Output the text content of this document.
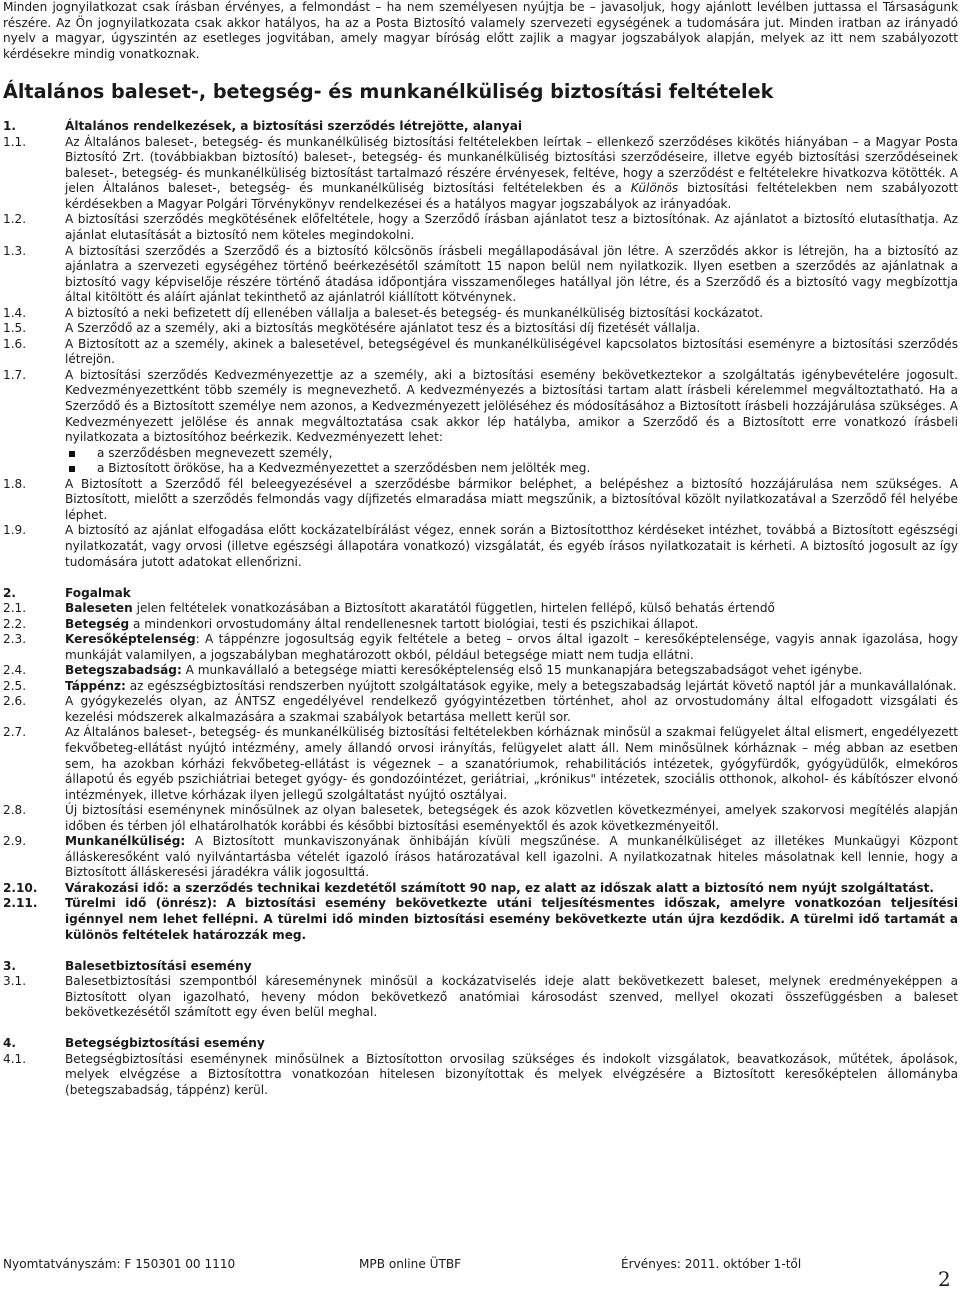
Minden jognyilatkozat csak írásban érvényes, a felmondást – ha nem személyesen nyújtja be – javasoljuk, hogy ajánlott levélben juttassa el Társaságunk részére. Az Ön jognyilatkozata csak akkor hatályos, ha az a Posta Biztosító valamely szervezeti egységének a tudomására jut. Minden iratban az irányadó nyelv a magyar, úgyszintén az esetleges jogvitában, amely magyar bíróság előtt zajlik a magyar jogszabályok alapján, melyek az itt nem szabályozott kérdésekre mindig vonatkoznak.

Általános baleset-, betegség- és munkanélküliség biztosítási feltételek
1.	Általános rendelkezések, a biztosítási szerződés létrejötte, alanyai
1.1.	Az Általános baleset-, betegség- és munkanélküliség biztosítási feltételekben leírtak – ellenkező szerződéses kikötés hiányában – a Magyar Posta Biztosító Zrt. (továbbiakban biztosító) baleset-, betegség- és munkanélküliség biztosítási szerződéseire, illetve egyéb biztosítási szerződéseinek baleset-, betegség- és munkanélküliség biztosítást tartalmazó részére érvényesek, feltéve, hogy a szerződést e feltételekre hivatkozva kötötték. A jelen Általános baleset-, betegség- és munkanélküliség biztosítási feltételekben és a Különös biztosítási feltételekben nem szabályozott kérdésekben a Magyar Polgári Törvénykönyv rendelkezései és a hatályos magyar jogszabályok az irányadóak.
1.2.	A biztosítási szerződés megkötésének előfeltétele, hogy a Szerződő írásban ajánlatot tesz a biztosítónak. Az ajánlatot a biztosító elutasíthatja. Az ajánlat elutasítását a biztosító nem köteles megindokolni.
1.3.	A biztosítási szerződés a Szerződő és a biztosító kölcsönös írásbeli megállapodásával jön létre. A szerződés akkor is létrejön, ha a biztosító az ajánlatra a szervezeti egységéhez történő beérkezésétől számított 15 napon belül nem nyilatkozik. Ilyen esetben a szerződés az ajánlatnak a biztosító vagy képviselője részére történő átadása időpontjára visszamenőleges hatállyal jön létre, és a Szerződő és a biztosító vagy megbízottja által kitöltött és aláírt ajánlat tekinthető az ajánlatról kiállított kötvénynek.
1.4.	A biztosító a neki befizetett díj ellenében vállalja a baleset-és betegség- és munkanélküliség biztosítási kockázatot.
1.5.	A Szerződő az a személy, aki a biztosítás megkötésére ajánlatot tesz és a biztosítási díj fizetését vállalja.
1.6.	A Biztosított az a személy, akinek a balesetével, betegségével és munkanélküliségével kapcsolatos biztosítási eseményre a biztosítási szerződés létrejön.
1.7.	A biztosítási szerződés Kedvezményezettje az a személy, aki a biztosítási esemény bekövetkeztekor a szolgáltatás igénybevételére jogosult. Kedvezményezettként több személy is megnevezhető. A kedvezményezés a biztosítási tartam alatt írásbeli kérelemmel megváltoztatható. Ha a Szerződő és a Biztosított személye nem azonos, a Kedvezményezett jelöléséhez és módosításához a Biztosított írásbeli hozzájárulása szükséges. A Kedvezményezett jelölése és annak megváltoztatása csak akkor lép hatályba, amikor a Szerződő és a Biztosított erre vonatkozó írásbeli nyilatkozata a biztosítóhoz beérkezik. Kedvezményezett lehet:
a szerződésben megnevezett személy,
a Biztosított örököse, ha a Kedvezményezettet a szerződésben nem jelölték meg.
1.8.	A Biztosított a Szerződő fél beleegyezésével a szerződésbe bármikor beléphet, a belépéshez a biztosító hozzájárulása nem szükséges. A Biztosított, mielőtt a szerződés felmondás vagy díjfizetés elmaradása miatt megszűnik, a biztosítóval közölt nyilatkozatával a Szerződő fél helyébe léphet.
1.9.	A biztosító az ajánlat elfogadása előtt kockázatelbírálást végez, ennek során a Biztosítotthoz kérdéseket intézhet, továbbá a Biztosított egészségi nyilatkozatát, vagy orvosi (illetve egészségi állapotára vonatkozó) vizsgálatát, és egyéb írásos nyilatkozatait is kérheti. A biztosító jogosult az így tudomására jutott adatokat ellenőrizni.
2.	Fogalmak
2.1.	Baleseten jelen feltételek vonatkozásában a Biztosított akaratától független, hirtelen fellépő, külső behatás értendő
2.2.	Betegség a mindenkori orvostudomány által rendellenesnek tartott biológiai, testi és pszichikai állapot.
2.3.	Keresőképtelenség: A táppénzre jogosultság egyik feltétele a beteg – orvos által igazolt – keresőképtelensége, vagyis annak igazolása, hogy munkáját valamilyen, a jogszabályban meghatározott okból, például betegsége miatt nem tudja ellátni.
2.4.	Betegszabadság: A munkavállaló a betegsége miatti keresőképtelenség első 15 munkanapjára betegszabadságot vehet igénybe.
2.5.	Táppénz: az egészségbiztosítási rendszerben nyújtott szolgáltatások egyike, mely a betegszabadság lejártát követő naptól jár a munkavállalónak.
2.6.	A gyógykezelés olyan, az ÁNTSZ engedélyével rendelkező gyógyintézetben történhet, ahol az orvostudomány által elfogadott vizsgálati és kezelési módszerek alkalmazására a szakmai szabályok betartása mellett kerül sor.
2.7.	Az Általános baleset-, betegség- és munkanélküliség biztosítási feltételekben kórháznak minősül a szakmai felügyelet által elismert, engedélyezett fekvőbeteg-ellátást nyújtó intézmény, amely állandó orvosi irányítás, felügyelet alatt áll. Nem minősülnek kórháznak – még abban az esetben sem, ha azokban kórházi fekvőbeteg-ellátást is végeznek – a szanatóriumok, rehabilitációs intézetek, gyógyfürdők, gyógyüdülők, elmekóros állapotú és egyéb pszichiátriai beteget gyógy- és gondozóintézet, geriátriai, „krónikus" intézetek, szociális otthonok, alkohol- és kábítószer elvonó intézmények, illetve kórházak ilyen jellegű szolgáltatást nyújtó osztályai.
2.8.	Új biztosítási eseménynek minősülnek az olyan balesetek, betegségek és azok közvetlen következményei, amelyek szakorvosi megítélés alapján időben és térben jól elhatárolhatók korábbi és későbbi biztosítási eseményektől és azok következményeitől.
2.9.	Munkanélküliség: A Biztosított munkaviszonyának önhibáján kívüli megszűnése. A munkanélküliséget az illetékes Munkaügyi Központ álláskeresőként való nyilvántartásba vételét igazoló írásos határozatával kell igazolni. A nyilatkozatnak hiteles másolatnak kell lennie, hogy a Biztosított álláskeresési járadékra válik jogosulttá.
2.10.	Várakozási idő: a szerződés technikai kezdetétől számított 90 nap, ez alatt az időszak alatt a biztosító nem nyújt szolgáltatást.
2.11.	Türelmi idő (önrész): A biztosítási esemény bekövetkezte utáni teljesítésmentes időszak, amelyre vonatkozóan teljesítési igénnyel nem lehet fellépni. A türelmi idő minden biztosítási esemény bekövetkezte után újra kezdődik. A türelmi idő tartamát a különös feltételek határozzák meg.
3.	Balesetbiztosítási esemény
3.1.	Balesetbiztosítási szempontból káreseménynek minősül a kockázatviselés ideje alatt bekövetkezett baleset, melynek eredményeképpen a Biztosított olyan igazolható, heveny módon bekövetkező anatómiai károsodást szenved, mellyel okozati összefüggésben a baleset bekövetkezésétől számított egy éven belül meghal.
4.	Betegségbiztosítási esemény
4.1.	Betegségbiztosítási eseménynek minősülnek a Biztosítotton orvosilag szükséges és indokolt vizsgálatok, beavatkozások, műtétek, ápolások, melyek elvégzése a Biztosítottra vonatkozóan hitelesen bizonyítottak és melyek elvégzésére a Biztosított keresőképtelen állományba (betegszabadság, táppénz) kerül.
Nyomtatványszám: F 150301 00 1110	MPB online ÜTBF	Érvényes: 2011. október 1-től
2
